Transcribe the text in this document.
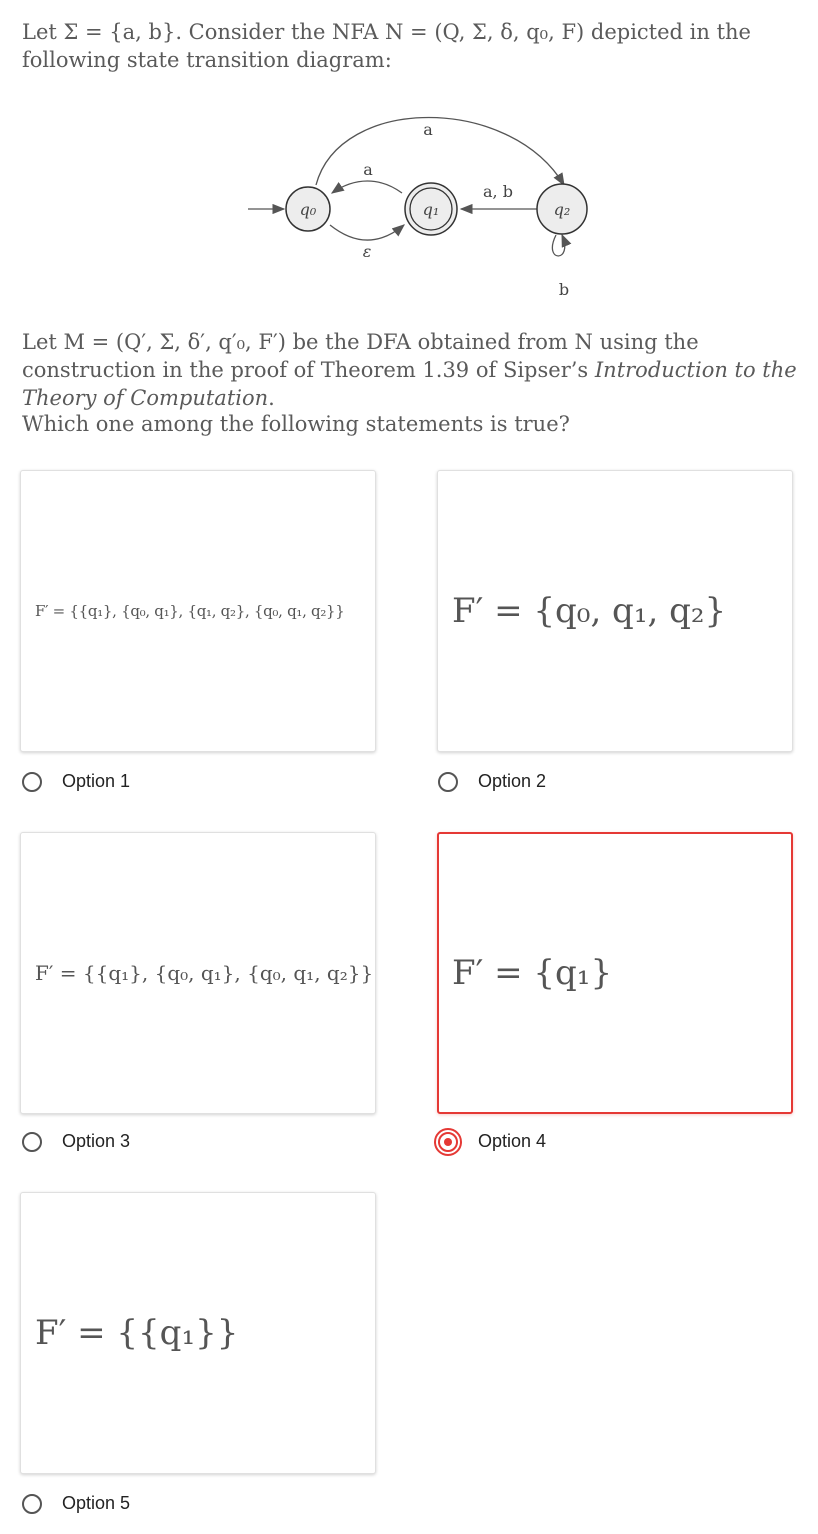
Let Σ = {a, b}. Consider the NFA N = (Q, Σ, δ, q₀, F) depicted in the following state transition diagram:
a
a
ε
a, b
b
q₀	q₁	q₂
Let M = (Q′, Σ, δ′, q′₀, F′) be the DFA obtained from N using the construction in the proof of Theorem 1.39 of Sipser’s Introduction to the Theory of Computation.
Which one among the following statements is true?
F′ = {{q₁}, {q₀, q₁}, {q₁, q₂}, {q₀, q₁, q₂}}
Option 1
F′ = {q₀, q₁, q₂}
Option 2
F′ = {{q₁}, {q₀, q₁}, {q₀, q₁, q₂}}
Option 3
F′ = {q₁}
Option 4
F′ = {{q₁}}
Option 5
